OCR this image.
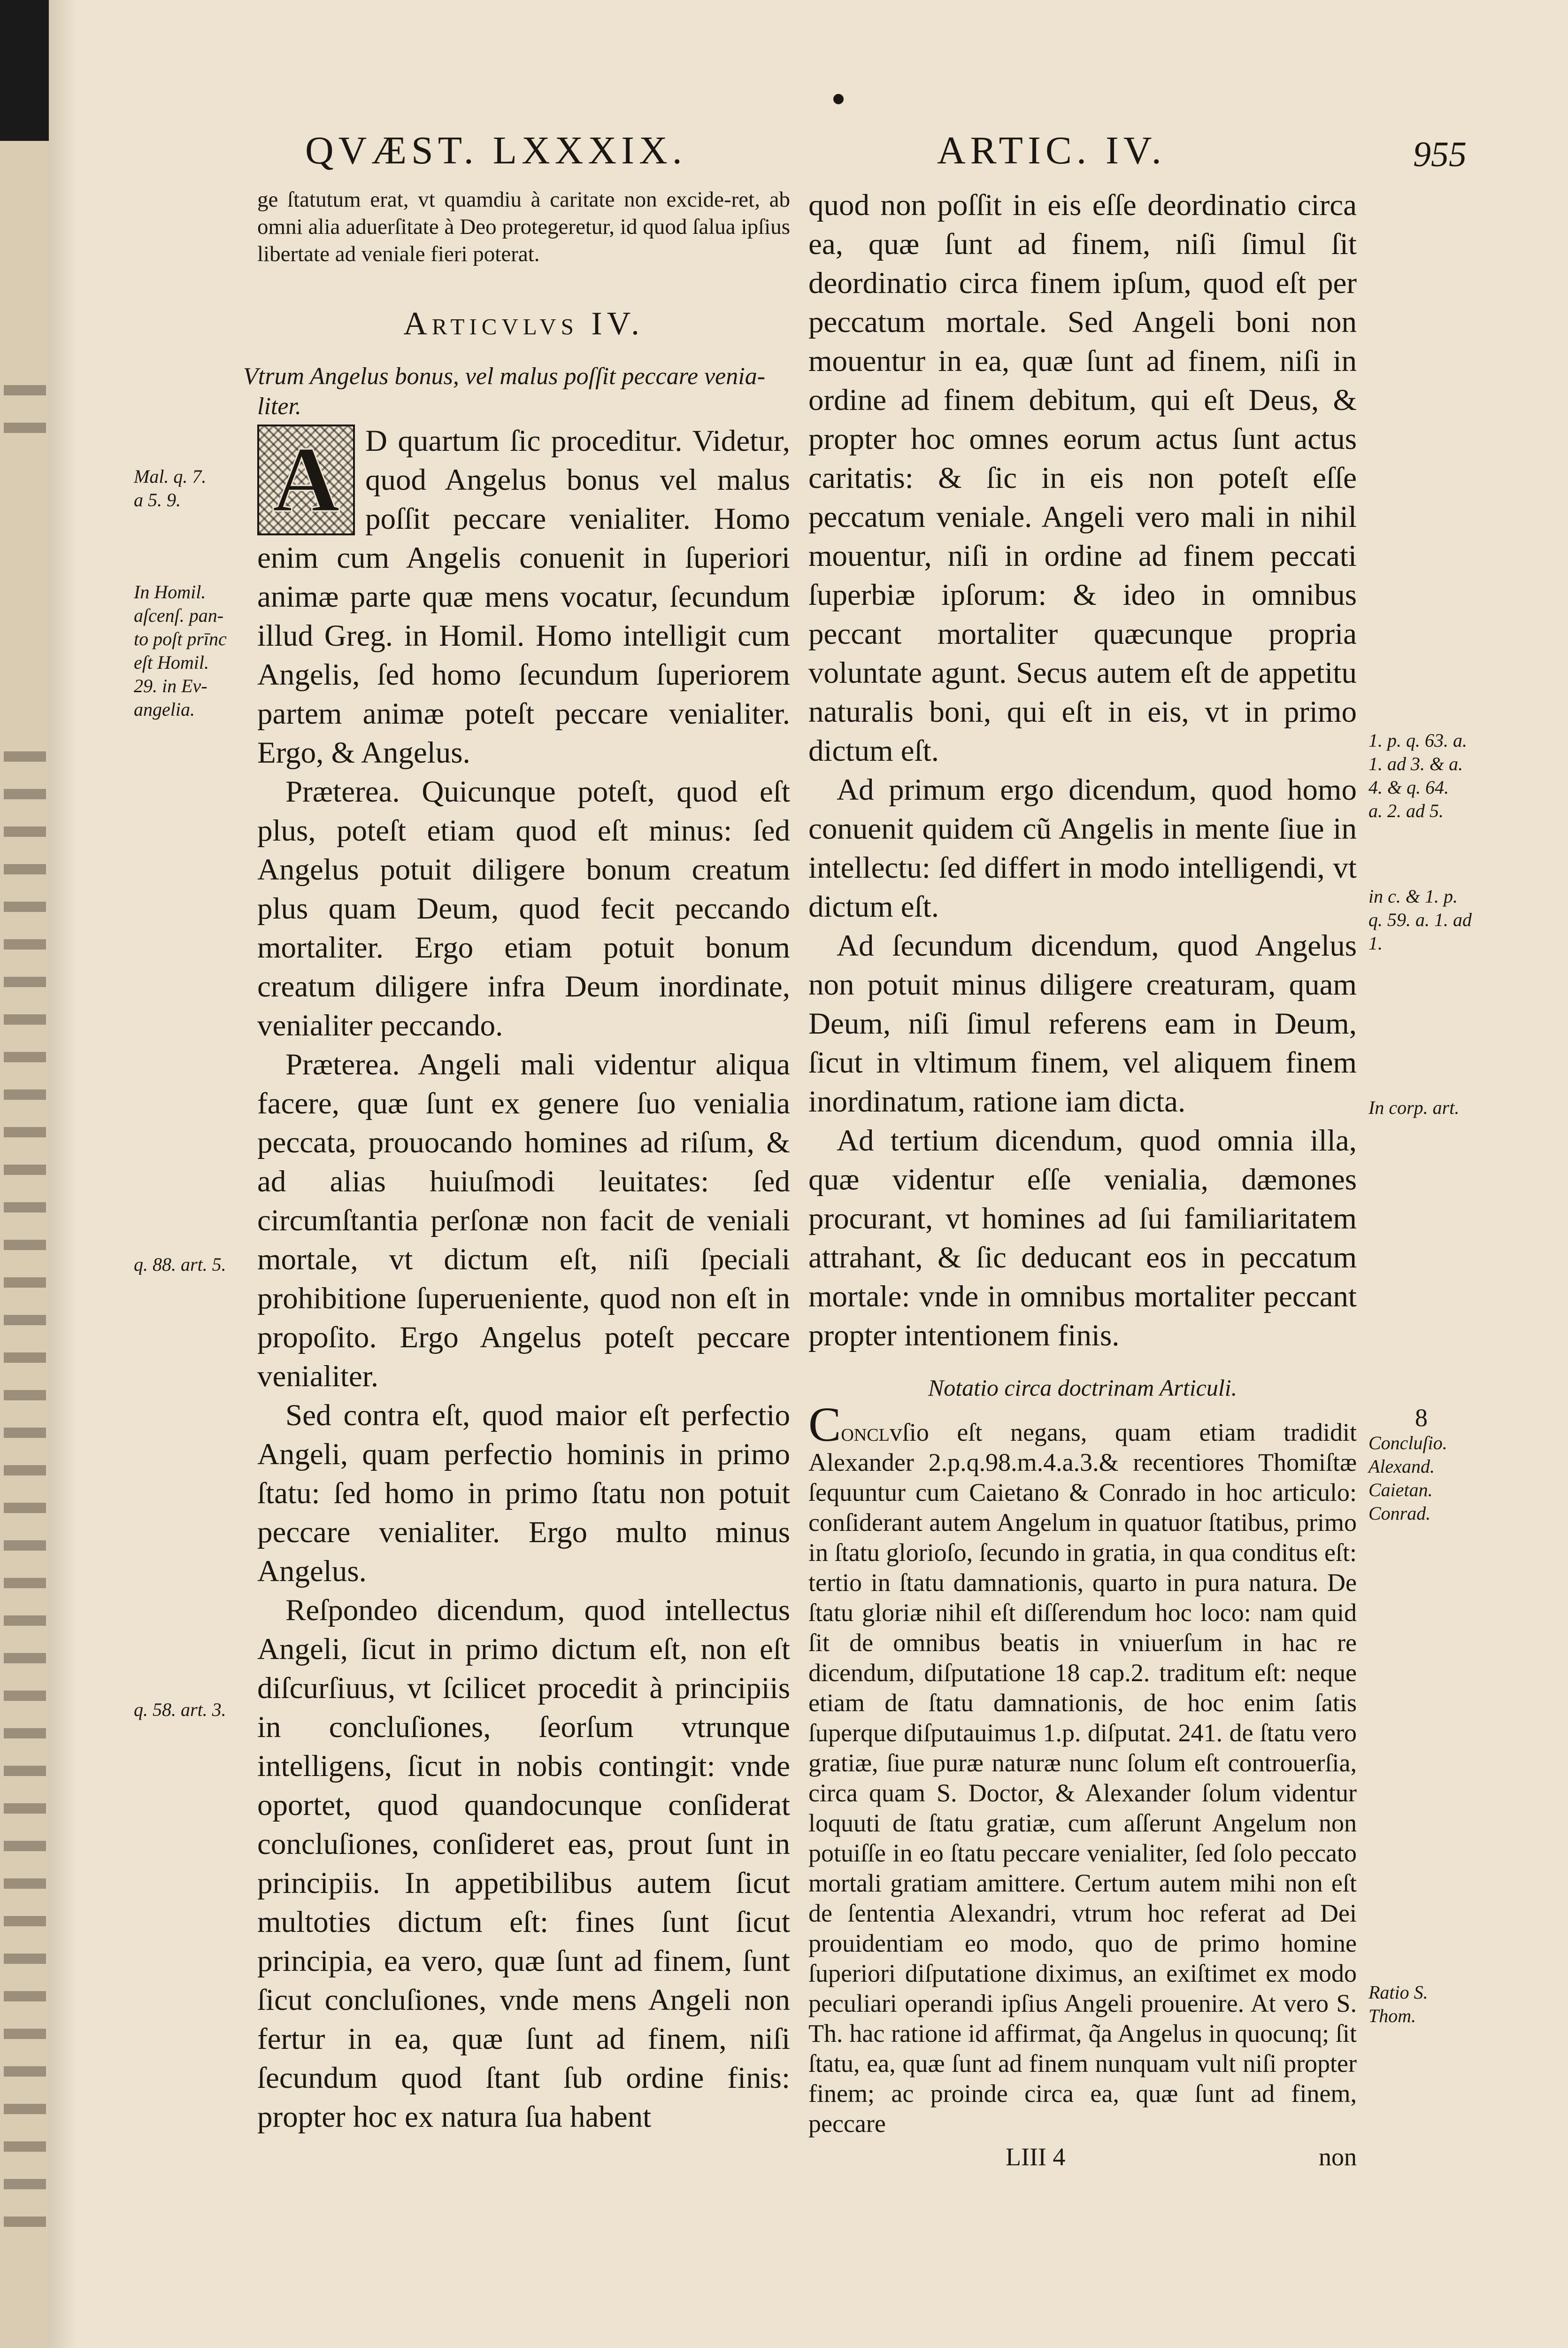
QVÆST. LXXXIX.	ARTIC. IV.	955

ge ſtatutum erat, vt quamdiu à caritate non excide-ret, ab omni alia aduerſitate à Deo protegeretur, id quod ſalua ipſius libertate ad veniale fieri poterat.

Articvlvs IV.

Vtrum Angelus bonus, vel malus poſſit peccare venia-liter.

A D quartum ſic proceditur. Videtur, quod Angelus bonus vel malus poſſit peccare venialiter. Homo enim cum Angelis conuenit in ſuperiori animæ parte quæ mens vocatur, ſecundum illud Greg. in Homil. Homo intelligit cum Angelis, ſed homo ſecundum ſuperiorem partem animæ poteſt peccare venialiter. Ergo, & Angelus.

Præterea. Quicunque poteſt, quod eſt plus, poteſt etiam quod eſt minus: ſed Angelus potuit diligere bonum creatum plus quam Deum, quod fecit peccando mortaliter. Ergo etiam potuit bonum creatum diligere infra Deum inordinate, venialiter peccando.

Præterea. Angeli mali videntur aliqua facere, quæ ſunt ex genere ſuo venialia peccata, prouocando homines ad riſum, & ad alias huiuſmodi leuitates: ſed circumſtantia perſonæ non facit de veniali mortale, vt dictum eſt, niſi ſpeciali prohibitione ſuperueniente, quod non eſt in propoſito. Ergo Angelus poteſt peccare venialiter.

Sed contra eſt, quod maior eſt perfectio Angeli, quam perfectio hominis in primo ſtatu: ſed homo in primo ſtatu non potuit peccare venialiter. Ergo multo minus Angelus.

Reſpondeo dicendum, quod intellectus Angeli, ſicut in primo dictum eſt, non eſt diſcurſiuus, vt ſcilicet procedit à principiis in concluſiones, ſeorſum vtrunque intelligens, ſicut in nobis contingit: vnde oportet, quod quandocunque conſiderat concluſiones, conſideret eas, prout ſunt in principiis. In appetibilibus autem ſicut multoties dictum eſt: fines ſunt ſicut principia, ea vero, quæ ſunt ad finem, ſunt ſicut concluſiones, vnde mens Angeli non fertur in ea, quæ ſunt ad finem, niſi ſecundum quod ſtant ſub ordine finis: propter hoc ex natura ſua habent

quod non poſſit in eis eſſe deordinatio circa ea, quæ ſunt ad finem, niſi ſimul ſit deordinatio circa finem ipſum, quod eſt per peccatum mortale. Sed Angeli boni non mouentur in ea, quæ ſunt ad finem, niſi in ordine ad finem debitum, qui eſt Deus, & propter hoc omnes eorum actus ſunt actus caritatis: & ſic in eis non poteſt eſſe peccatum veniale. Angeli vero mali in nihil mouentur, niſi in ordine ad finem peccati ſuperbiæ ipſorum: & ideo in omnibus peccant mortaliter quæcunque propria voluntate agunt. Secus autem eſt de appetitu naturalis boni, qui eſt in eis, vt in primo dictum eſt.

Ad primum ergo dicendum, quod homo conuenit quidem cũ Angelis in mente ſiue in intellectu: ſed differt in modo intelligendi, vt dictum eſt.

Ad ſecundum dicendum, quod Angelus non potuit minus diligere creaturam, quam Deum, niſi ſimul referens eam in Deum, ſicut in vltimum finem, vel aliquem finem inordinatum, ratione iam dicta.

Ad tertium dicendum, quod omnia illa, quæ videntur eſſe venialia, dæmones procurant, vt homines ad ſui familiaritatem attrahant, & ſic deducant eos in peccatum mortale: vnde in omnibus mortaliter peccant propter intentionem finis.

Notatio circa doctrinam Articuli.

Conclvſio eſt negans, quam etiam tradidit Alexander 2.p.q.98.m.4.a.3.& recentiores Thomiſtæ ſequuntur cum Caietano & Conrado in hoc articulo: conſiderant autem Angelum in quatuor ſtatibus, primo in ſtatu glorioſo, ſecundo in gratia, in qua conditus eſt: tertio in ſtatu damnationis, quarto in pura natura. De ſtatu gloriæ nihil eſt diſſerendum hoc loco: nam quid ſit de omnibus beatis in vniuerſum in hac re dicendum, diſputatione 18 cap.2. traditum eſt: neque etiam de ſtatu damnationis, de hoc enim ſatis ſuperque diſputauimus 1.p. diſputat. 241. de ſtatu vero gratiæ, ſiue puræ naturæ nunc ſolum eſt controuerſia, circa quam S. Doctor, & Alexander ſolum videntur loquuti de ſtatu gratiæ, cum aſſerunt Angelum non potuiſſe in eo ſtatu peccare venialiter, ſed ſolo peccato mortali gratiam amittere. Certum autem mihi non eſt de ſententia Alexandri, vtrum hoc referat ad Dei prouidentiam eo modo, quo de primo homine ſuperiori diſputatione diximus, an exiſtimet ex modo peculiari operandi ipſius Angeli prouenire. At vero S. Th. hac ratione id affirmat, q̃a Angelus in quocunq; ſit ſtatu, ea, quæ ſunt ad finem nunquam vult niſi propter finem; ac proinde circa ea, quæ ſunt ad finem, peccare

LIII 4	non
Mal. q. 7.
a 5. 9.
In Homil.
aſcenſ. pan-
to poſt prīnc
eſt Homil.
29. in Ev-
angelia.
q. 88. art. 5.
q. 58. art. 3.
1. p. q. 63. a.
1. ad 3. & a.
4. & q. 64.
a. 2. ad 5.
in c. & 1. p.
q. 59. a. 1. ad
1.
In corp. art.
8
Concluſio.
Alexand.
Caietan.
Conrad.
Ratio S.
Thom.
